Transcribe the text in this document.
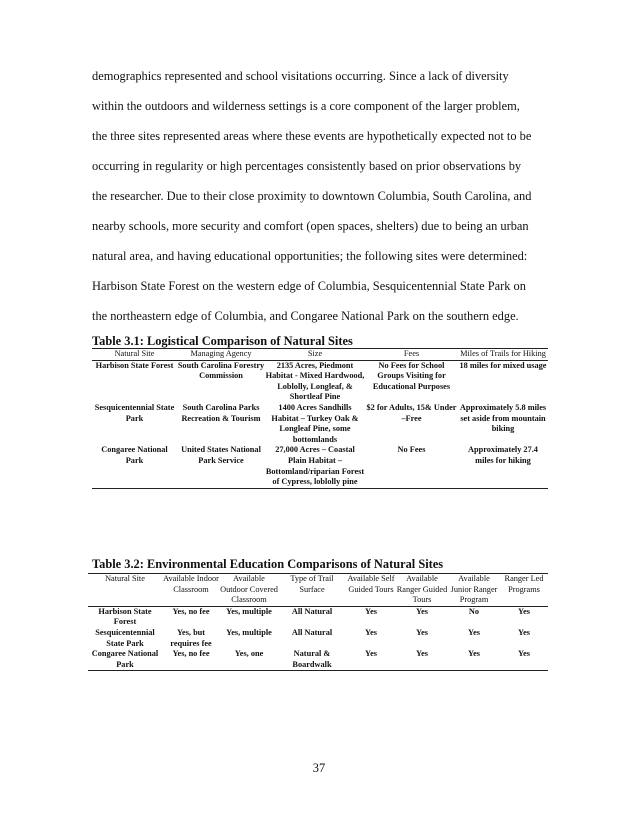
demographics represented and school visitations occurring. Since a lack of diversity
within the outdoors and wilderness settings is a core component of the larger problem,
the three sites represented areas where these events are hypothetically expected not to be
occurring in regularity or high percentages consistently based on prior observations by
the researcher. Due to their close proximity to downtown Columbia, South Carolina, and
nearby schools, more security and comfort (open spaces, shelters) due to being an urban
natural area, and having educational opportunities; the following sites were determined:
Harbison State Forest on the western edge of Columbia, Sesquicentennial State Park on
the northeastern edge of Columbia, and Congaree National Park on the southern edge.
Table 3.1: Logistical Comparison of Natural Sites
Natural Site	Managing Agency	Size	Fees	Miles of Trails for Hiking
Harbison State Forest	South Carolina Forestry Commission	2135 Acres, Piedmont Habitat - Mixed Hardwood, Loblolly, Longleaf, & Shortleaf Pine	No Fees for School Groups Visiting for Educational Purposes	18 miles for mixed usage
Sesquicentennial State Park	South Carolina Parks Recreation & Tourism	1400 Acres Sandhills Habitat – Turkey Oak & Longleaf Pine, some bottomlands	$2 for Adults, 15& Under –Free	Approximately 5.8 miles set aside from mountain biking
Congaree National Park	United States National Park Service	27,000 Acres – Coastal Plain Habitat – Bottomland/riparian Forest of Cypress, loblolly pine	No Fees	Approximately 27.4 miles for hiking
Table 3.2: Environmental Education Comparisons of Natural Sites
Natural Site	Available Indoor Classroom	Available Outdoor Covered Classroom	Type of Trail Surface	Available Self Guided Tours	Available Ranger Guided Tours	Available Junior Ranger Program	Ranger Led Programs
Harbison State Forest	Yes, no fee	Yes, multiple	All Natural	Yes	Yes	No	Yes
Sesquicentennial State Park	Yes, but requires fee	Yes, multiple	All Natural	Yes	Yes	Yes	Yes
Congaree National Park	Yes, no fee	Yes, one	Natural & Boardwalk	Yes	Yes	Yes	Yes
37
